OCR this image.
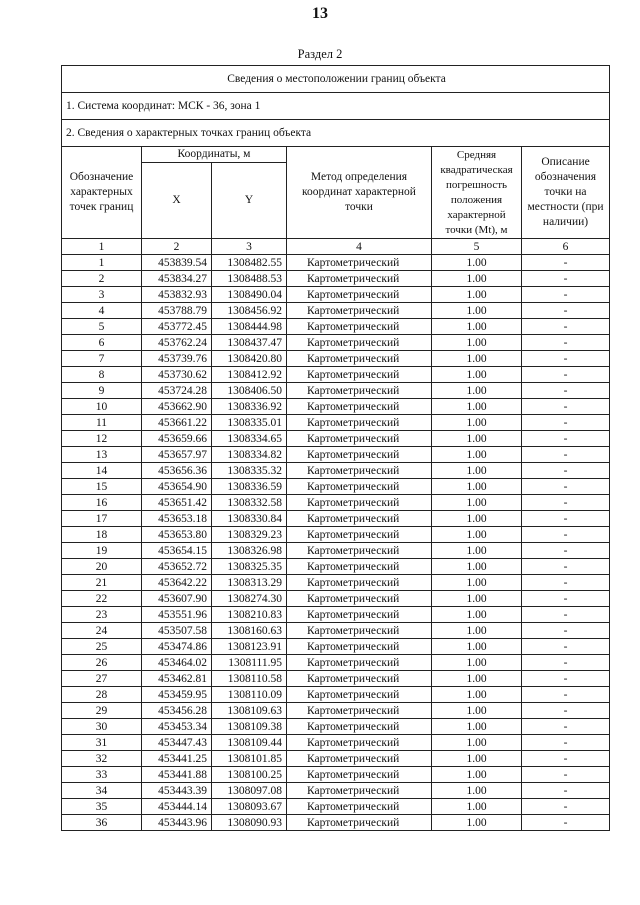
13
Раздел 2
Сведения о местоположении границ объекта					
1. Система координат: МСК - 36, зона 1					
2. Сведения о характерных точках границ объекта					
Обозначение характерных точек границ	Координаты, м		Метод определения координат характерной точки	Средняя квадратическая погрешность положения характерной точки (Mt), м	Описание обозначения точки на местности (при наличии)
	X	Y			
1	2	3	4	5	6
1	453839.54	1308482.55	Картометрический	1.00	-
2	453834.27	1308488.53	Картометрический	1.00	-
3	453832.93	1308490.04	Картометрический	1.00	-
4	453788.79	1308456.92	Картометрический	1.00	-
5	453772.45	1308444.98	Картометрический	1.00	-
6	453762.24	1308437.47	Картометрический	1.00	-
7	453739.76	1308420.80	Картометрический	1.00	-
8	453730.62	1308412.92	Картометрический	1.00	-
9	453724.28	1308406.50	Картометрический	1.00	-
10	453662.90	1308336.92	Картометрический	1.00	-
11	453661.22	1308335.01	Картометрический	1.00	-
12	453659.66	1308334.65	Картометрический	1.00	-
13	453657.97	1308334.82	Картометрический	1.00	-
14	453656.36	1308335.32	Картометрический	1.00	-
15	453654.90	1308336.59	Картометрический	1.00	-
16	453651.42	1308332.58	Картометрический	1.00	-
17	453653.18	1308330.84	Картометрический	1.00	-
18	453653.80	1308329.23	Картометрический	1.00	-
19	453654.15	1308326.98	Картометрический	1.00	-
20	453652.72	1308325.35	Картометрический	1.00	-
21	453642.22	1308313.29	Картометрический	1.00	-
22	453607.90	1308274.30	Картометрический	1.00	-
23	453551.96	1308210.83	Картометрический	1.00	-
24	453507.58	1308160.63	Картометрический	1.00	-
25	453474.86	1308123.91	Картометрический	1.00	-
26	453464.02	1308111.95	Картометрический	1.00	-
27	453462.81	1308110.58	Картометрический	1.00	-
28	453459.95	1308110.09	Картометрический	1.00	-
29	453456.28	1308109.63	Картометрический	1.00	-
30	453453.34	1308109.38	Картометрический	1.00	-
31	453447.43	1308109.44	Картометрический	1.00	-
32	453441.25	1308101.85	Картометрический	1.00	-
33	453441.88	1308100.25	Картометрический	1.00	-
34	453443.39	1308097.08	Картометрический	1.00	-
35	453444.14	1308093.67	Картометрический	1.00	-
36	453443.96	1308090.93	Картометрический	1.00	-
